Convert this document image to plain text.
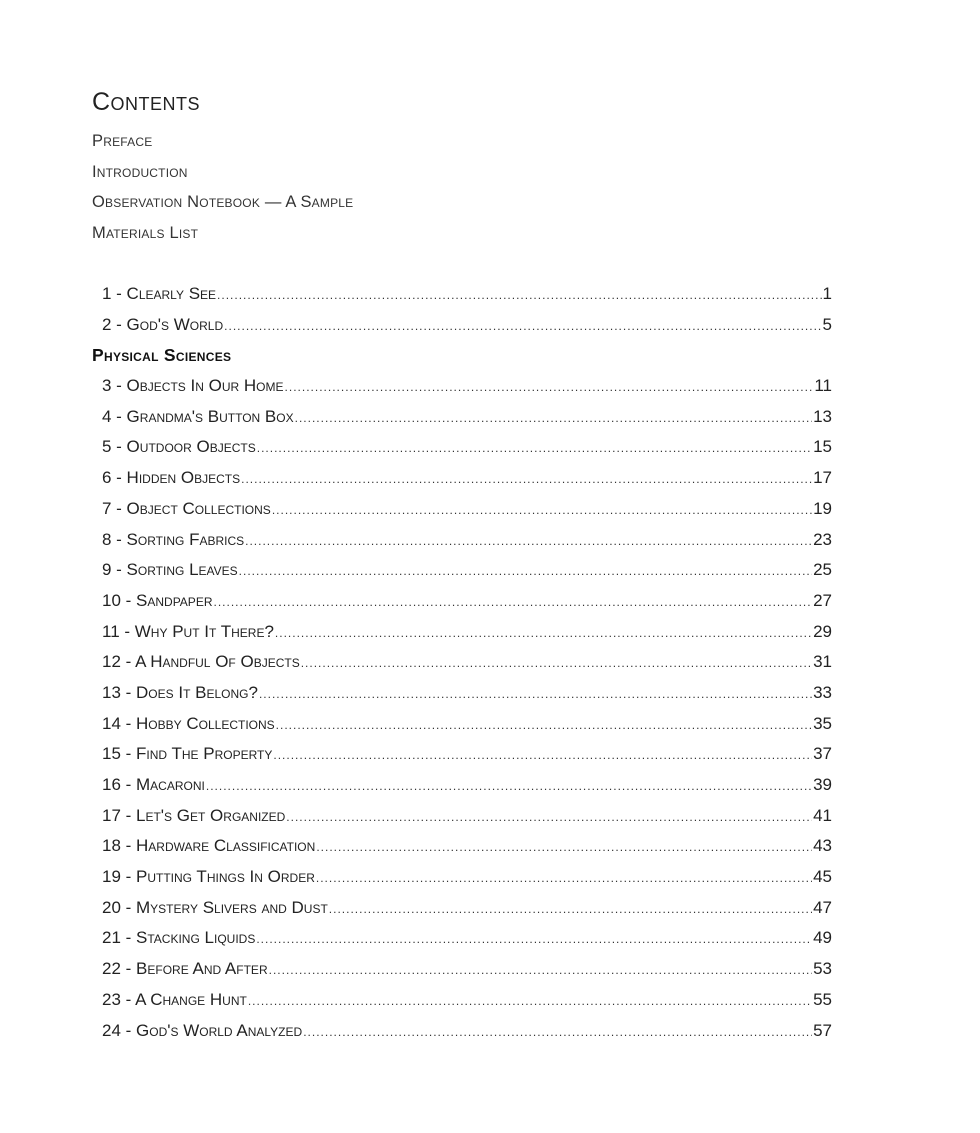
Contents
Preface
Introduction
Observation Notebook — A Sample
Materials List
1 - Clearly See .....	1
2 - God's World .....	5
Physical Sciences
3 - Objects In Our Home .....	11
4 - Grandma's Button Box .....	13
5 - Outdoor Objects .....	15
6 - Hidden Objects .....	17
7 - Object Collections .....	19
8 - Sorting Fabrics .....	23
9 - Sorting Leaves .....	25
10 - Sandpaper .....	27
11 - Why Put It There? .....	29
12 - A Handful Of Objects .....	31
13 - Does It Belong? .....	33
14 - Hobby Collections .....	35
15 - Find The Property .....	37
16 - Macaroni .....	39
17 - Let's Get Organized .....	41
18 - Hardware Classification .....	43
19 - Putting Things In Order .....	45
20 - Mystery Slivers and Dust .....	47
21 - Stacking Liquids .....	49
22 - Before And After .....	53
23 - A Change Hunt .....	55
24 - God's World Analyzed .....	57
